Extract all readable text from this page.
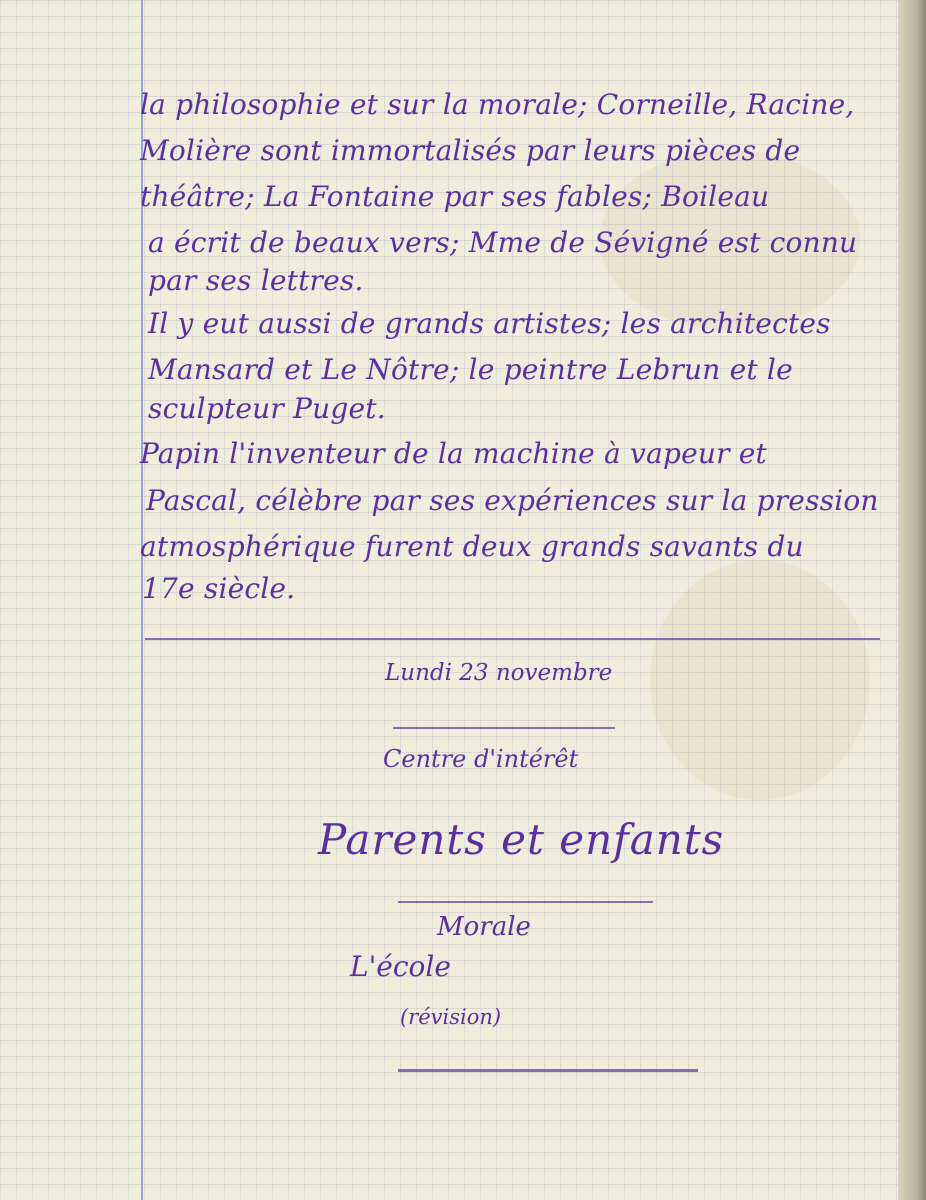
la philosophie et sur la morale; Corneille, Racine,
Molière sont immortalisés par leurs pièces de
théâtre; La Fontaine par ses fables; Boileau
a écrit de beaux vers; Mme de Sévigné est connu
par ses lettres.
Il y eut aussi de grands artistes; les architectes
Mansard et Le Nôtre; le peintre Lebrun et le
sculpteur Puget.
Papin l'inventeur de la machine à vapeur et
Pascal, célèbre par ses expériences sur la pression
atmosphérique furent deux grands savants du
17e siècle.
Lundi 23 novembre
Centre d'intérêt
Parents et enfants
Morale
L'école
(révision)
